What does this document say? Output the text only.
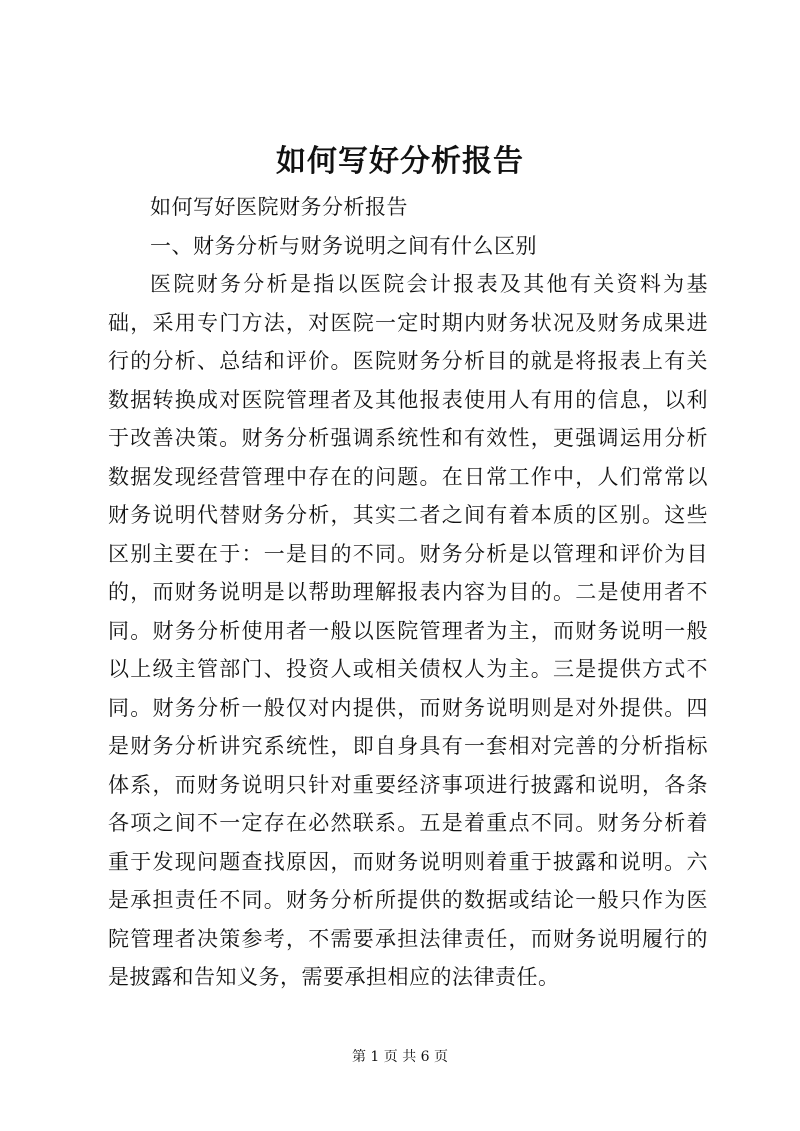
如何写好分析报告

如何写好医院财务分析报告

一、财务分析与财务说明之间有什么区别

医院财务分析是指以医院会计报表及其他有关资料为基础，采用专门方法，对医院一定时期内财务状况及财务成果进行的分析、总结和评价。医院财务分析目的就是将报表上有关数据转换成对医院管理者及其他报表使用人有用的信息，以利于改善决策。财务分析强调系统性和有效性，更强调运用分析数据发现经营管理中存在的问题。在日常工作中，人们常常以财务说明代替财务分析，其实二者之间有着本质的区别。这些区别主要在于：一是目的不同。财务分析是以管理和评价为目的，而财务说明是以帮助理解报表内容为目的。二是使用者不同。财务分析使用者一般以医院管理者为主，而财务说明一般以上级主管部门、投资人或相关债权人为主。三是提供方式不同。财务分析一般仅对内提供，而财务说明则是对外提供。四是财务分析讲究系统性，即自身具有一套相对完善的分析指标体系，而财务说明只针对重要经济事项进行披露和说明，各条各项之间不一定存在必然联系。五是着重点不同。财务分析着重于发现问题查找原因，而财务说明则着重于披露和说明。六是承担责任不同。财务分析所提供的数据或结论一般只作为医院管理者决策参考，不需要承担法律责任，而财务说明履行的是披露和告知义务，需要承担相应的法律责任。

第 1 页 共 6 页
